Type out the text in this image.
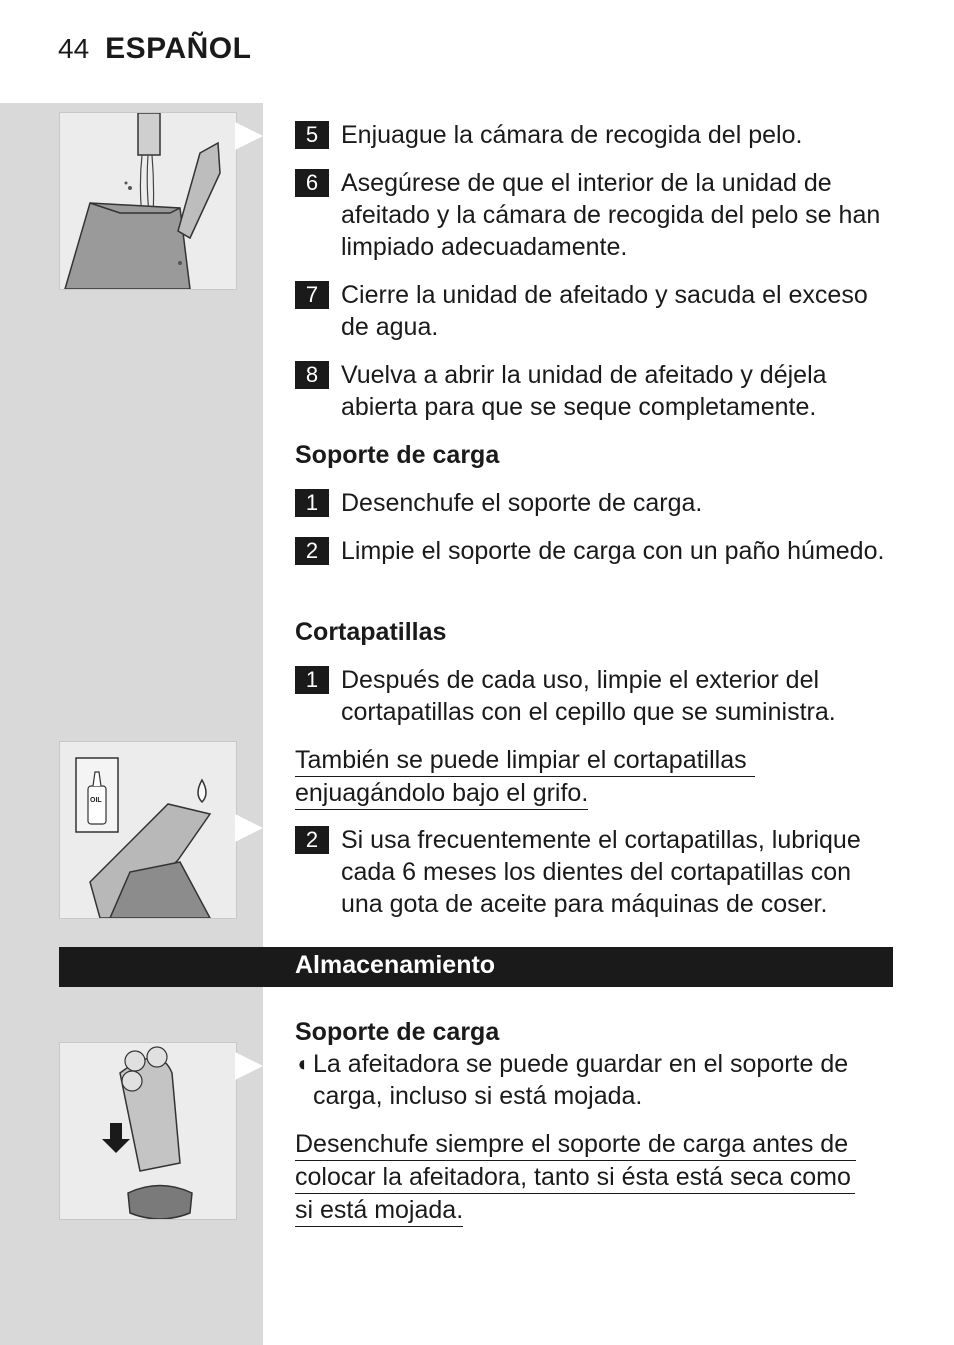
44 ESPAÑOL
OIL
5 Enjuague la cámara de recogida del pelo.
6 Asegúrese de que el interior de la unidad de afeitado y la cámara de recogida del pelo se han limpiado adecuadamente.
7 Cierre la unidad de afeitado y sacuda el exceso de agua.
8 Vuelva a abrir la unidad de afeitado y déjela abierta para que se seque completamente.
Soporte de carga
1 Desenchufe el soporte de carga.
2 Limpie el soporte de carga con un paño húmedo.
Cortapatillas
1 Después de cada uso, limpie el exterior del cortapatillas con el cepillo que se suministra.
También se puede limpiar el cortapatillas
enjuagándolo bajo el grifo.
2 Si usa frecuentemente el cortapatillas, lubrique cada 6 meses los dientes del cortapatillas con una gota de aceite para máquinas de coser.
Almacenamiento
Soporte de carga
◖ La afeitadora se puede guardar en el soporte de carga, incluso si está mojada.
Desenchufe siempre el soporte de carga antes de
colocar la afeitadora, tanto si ésta está seca como
si está mojada.
